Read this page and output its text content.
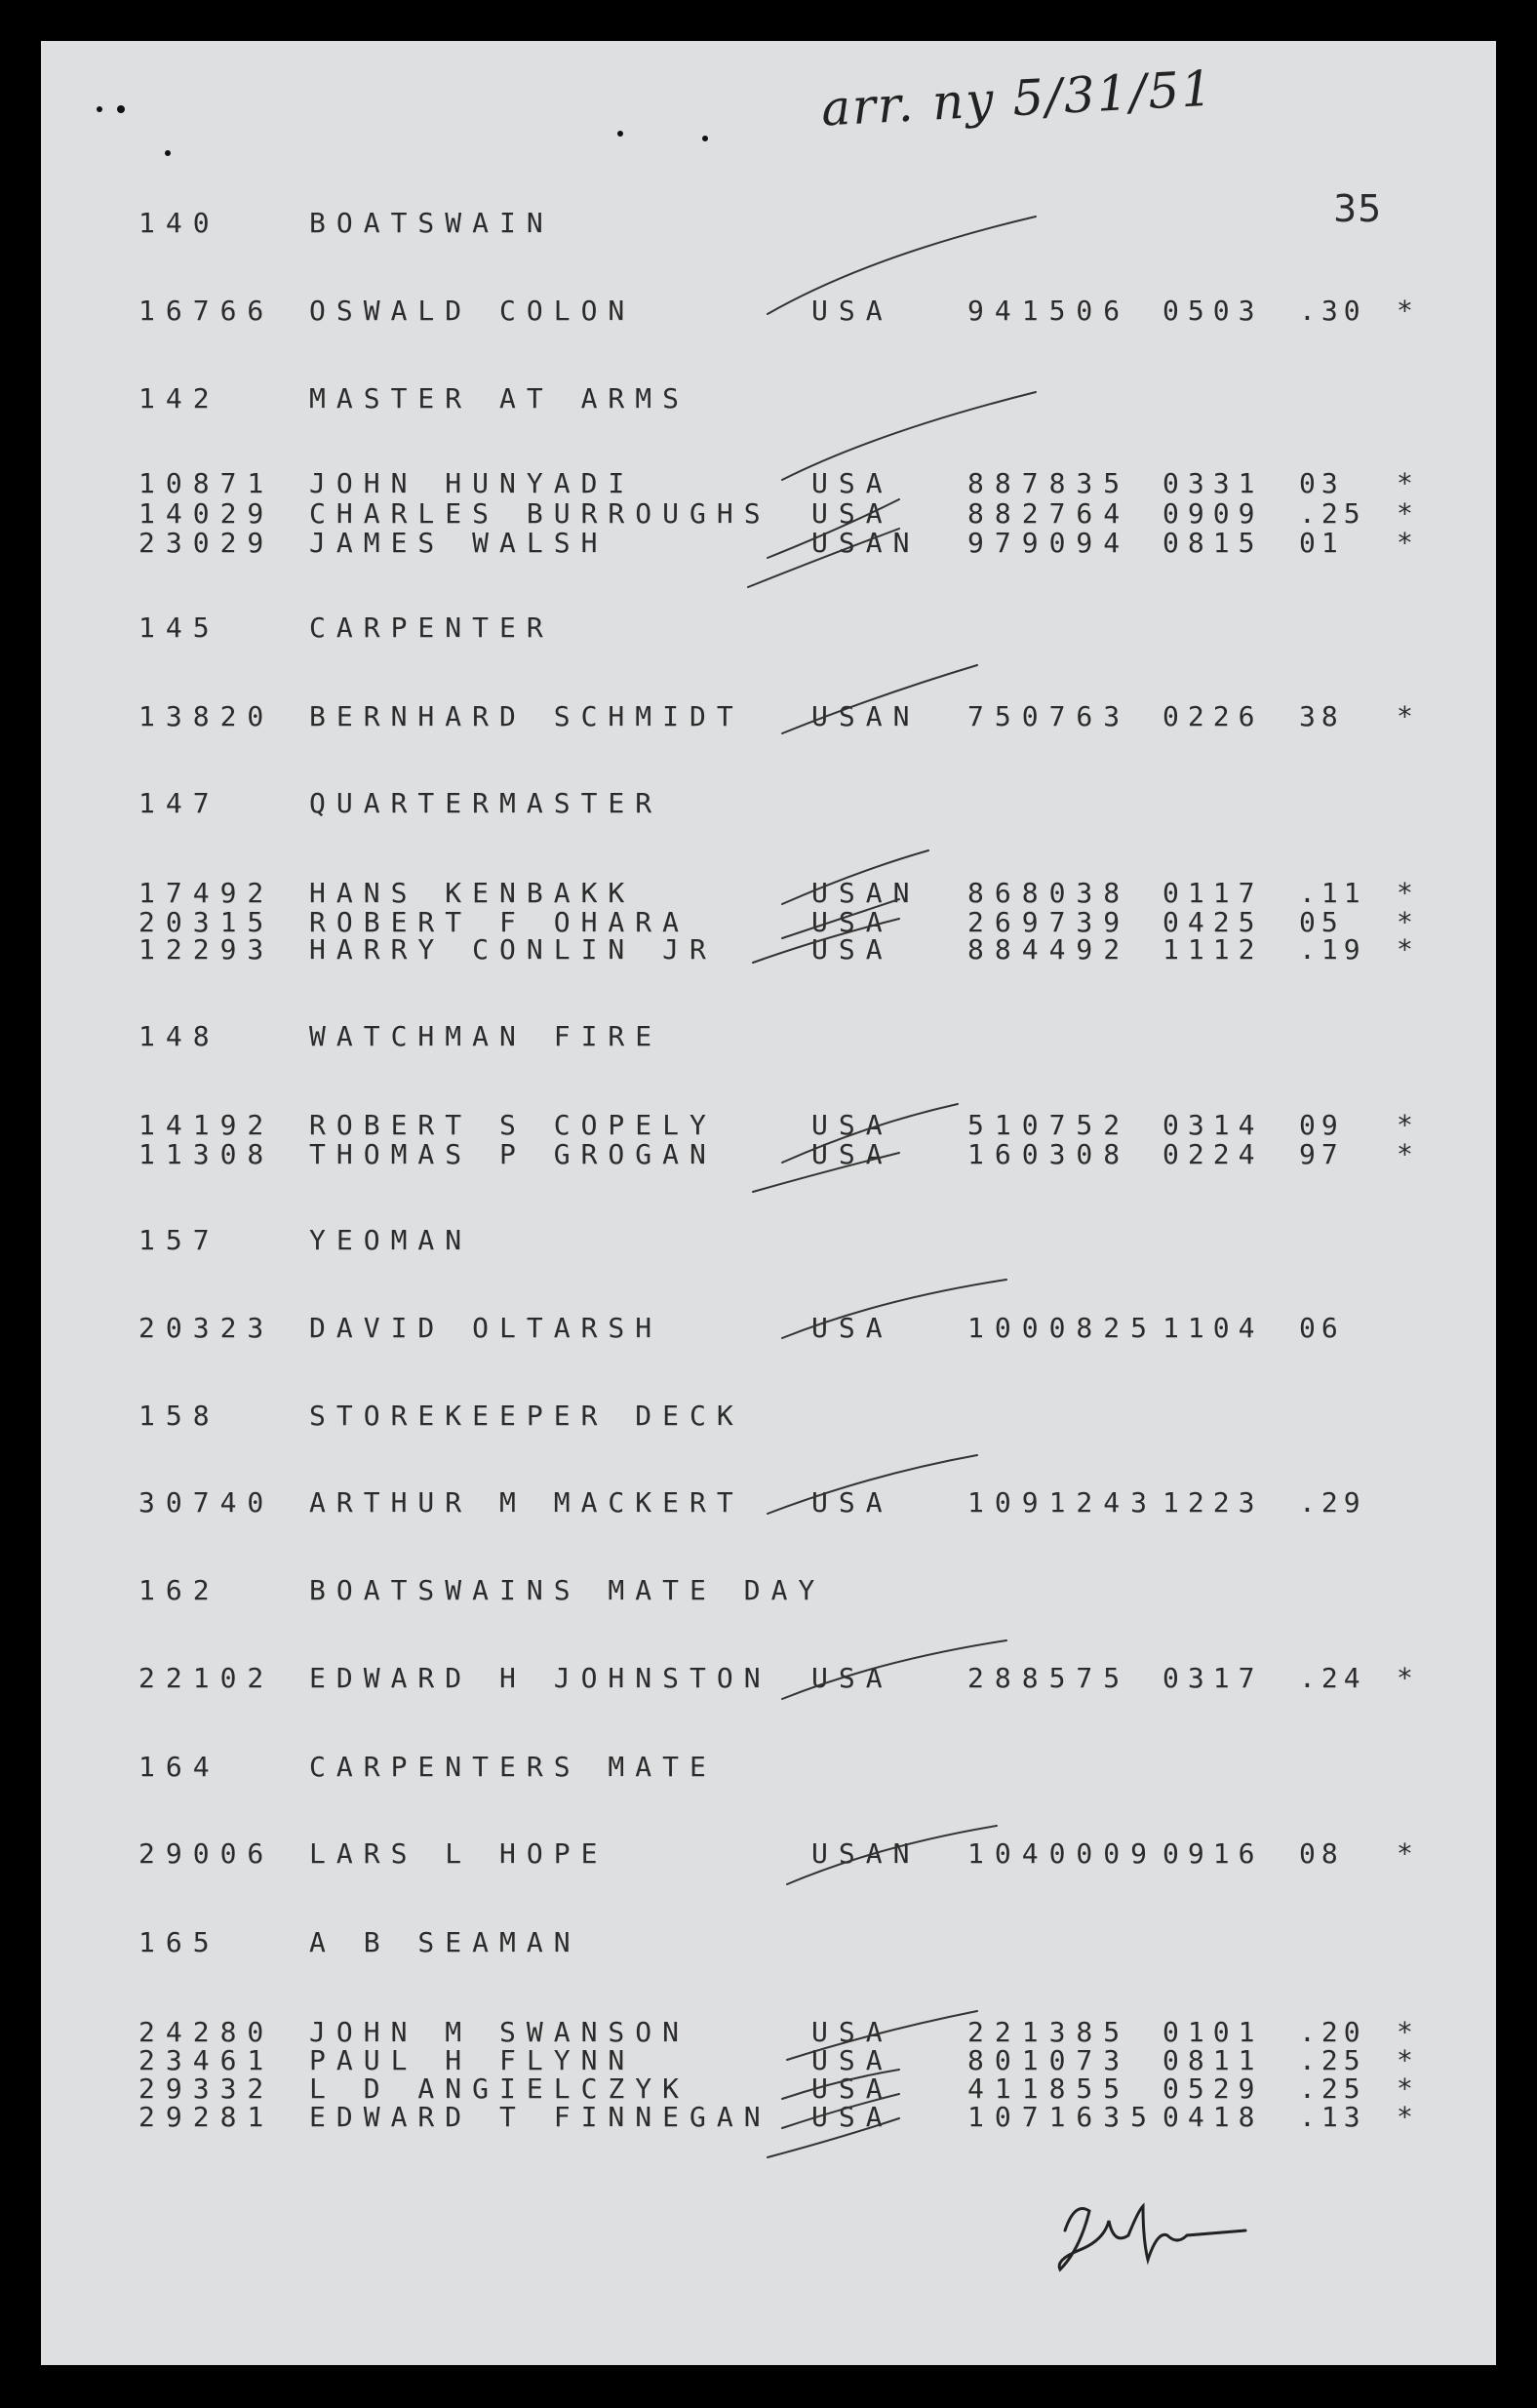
arr. ny 5/31/51
35
140	BOATSWAIN
16766 OSWALD COLON	USA	941506 0503 .30 *
142	MASTER AT ARMS
10871 JOHN HUNYADI	USA	887835 0331 03 *
14029 CHARLES BURROUGHS USA	882764 0909 .25 *
23029 JAMES WALSH	USAN 979094 0815 01 *
145	CARPENTER
13820 BERNHARD SCHMIDT USAN 750763 0226 38 *
147	QUARTERMASTER
17492 HANS KENBAKK	USAN 868038 0117 .11 *
20315 ROBERT F OHARA	USA	269739 0425 05 *
12293 HARRY CONLIN JR	USA	884492 1112 .19 *
148	WATCHMAN FIRE
14192 ROBERT S COPELY	USA	510752 0314 09 *
11308 THOMAS P GROGAN	USA	160308 0224 97 *
157	YEOMAN
20323 DAVID OLTARSH	USA	1000825 1104 06
158	STOREKEEPER DECK
30740 ARTHUR M MACKERT USA	1091243 1223 .29
162	BOATSWAINS MATE DAY
22102 EDWARD H JOHNSTON USA	288575 0317 .24 *
164	CARPENTERS MATE
29006 LARS L HOPE	USAN 1040009 0916 08 *
165	A B SEAMAN
24280 JOHN M SWANSON	USA	221385 0101 .20 *
23461 PAUL H FLYNN	USA	801073 0811 .25 *
29332 L D ANGIELCZYK	USA	411855 0529 .25 *
29281 EDWARD T FINNEGAN USA	1071635 0418 .13 *
